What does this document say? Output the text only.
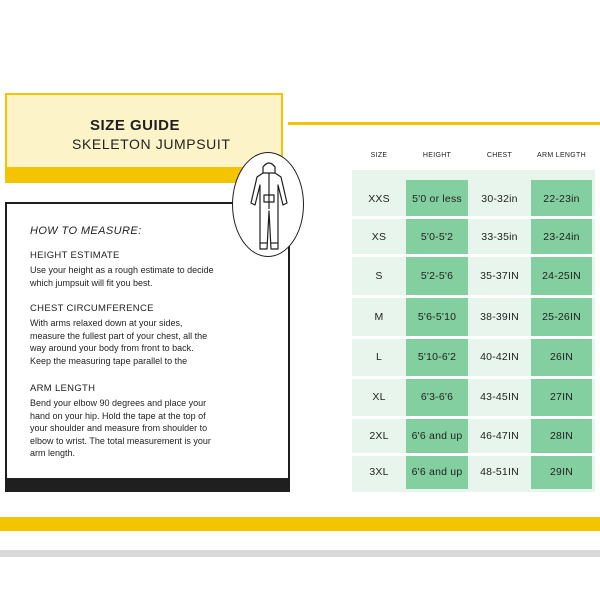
SIZE GUIDE
SKELETON JUMPSUIT
HOW TO MEASURE:
HEIGHT ESTIMATE
Use your height as a rough estimate to decide
which jumpsuit will fit you best.
CHEST CIRCUMFERENCE
With arms relaxed down at your sides,
measure the fullest part of your chest, all the
way around your body from front to back.
Keep the measuring tape parallel to the
ARM LENGTH
Bend your elbow 90 degrees and place your
hand on your hip. Hold the tape at the top of
your shoulder and measure from shoulder to
elbow to wrist. The total measurement is your
arm length.
SIZE	HEIGHT	CHEST	ARM LENGTH
XXS	5'0 or less	30-32in	22-23in
XS	5'0-5'2	33-35in	23-24in
S	5'2-5'6	35-37IN	24-25IN
M	5'6-5'10	38-39IN	25-26IN
L	5'10-6'2	40-42IN	26IN
XL	6'3-6'6	43-45IN	27IN
2XL	6'6 and up	46-47IN	28IN
3XL	6'6 and up	48-51IN	29IN
